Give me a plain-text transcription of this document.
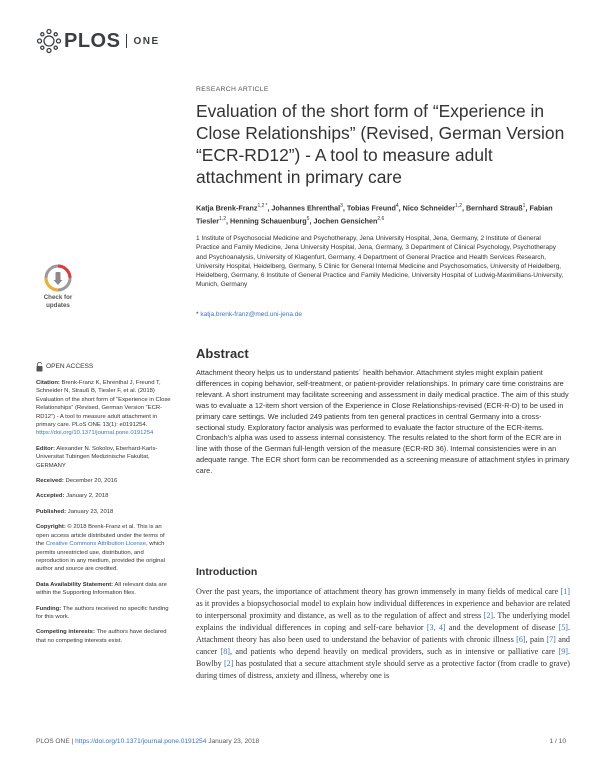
PLOS ONE
RESEARCH ARTICLE
Evaluation of the short form of “Experience in Close Relationships” (Revised, German Version “ECR-RD12”) - A tool to measure adult attachment in primary care
Katja Brenk-Franz$^{1,2 *}$, Johannes Ehrenthal$^3$, Tobias Freund$^4$, Nico Schneider$^{1,2}$, Bernhard Strauß$^1$, Fabian Tiesler$^{1,2}$, Henning Schauenburg$^5$, Jochen Gensichen$^{2,6}$
1 Institute of Psychosocial Medicine and Psychotherapy, Jena University Hospital, Jena, Germany, 2 Institute of General Practice and Family Medicine, Jena University Hospital, Jena, Germany, 3 Department of Clinical Psychology, Psychotherapy and Psychoanalysis, University of Klagenfurt, Germany, 4 Department of General Practice and Health Services Research, University Hospital, Heidelberg, Germany, 5 Clinic for General Internal Medicine and Psychosomatics, University of Heidelberg, Heidelberg, Germany, 6 Institute of General Practice and Family Medicine, University Hospital of Ludwig-Maximilians-University, Munich, Germany
* katja.brenk-franz@med.uni-jena.de
Check for
updates
OPEN ACCESS
Citation: Brenk-Franz K, Ehrenthal J, Freund T, Schneider N, Strauß B, Tiesler F, et al. (2018) Evaluation of the short form of “Experience in Close Relationships” (Revised, German Version “ECR-RD12”) - A tool to measure adult attachment in primary care. PLoS ONE 13(1): e0191254. https://doi.org/10.1371/journal.pone.0191254
Editor: Alexander N. Sokolov, Eberhard-Karls-Universitat Tubingen Medizinische Fakultat, GERMANY
Received: December 20, 2016
Accepted: January 2, 2018
Published: January 23, 2018
Copyright: © 2018 Brenk-Franz et al. This is an open access article distributed under the terms of the Creative Commons Attribution License, which permits unrestricted use, distribution, and reproduction in any medium, provided the original author and source are credited.
Data Availability Statement: All relevant data are within the Supporting Information files.
Funding: The authors received no specific funding for this work.
Competing interests: The authors have declared that no competing interests exist.
Abstract

Attachment theory helps us to understand patients´ health behavior. Attachment styles might explain patient differences in coping behavior, self-treatment, or patient-provider relationships. In primary care time constrains are relevant. A short instrument may facilitate screening and assessment in daily medical practice. The aim of this study was to evaluate a 12-item short version of the Experience in Close Relationships-revised (ECR-R-D) to be used in primary care settings. We included 249 patients from ten general practices in central Germany into a cross-sectional study. Exploratory factor analysis was performed to evaluate the factor structure of the ECR-items. Cronbach’s alpha was used to assess internal consistency. The results related to the short form of the ECR are in line with those of the German full-length version of the measure (ECR-RD 36). Internal consistencies were in an adequate range. The ECR short form can be recommended as a screening measure of attachment styles in primary care.

Introduction

Over the past years, the importance of attachment theory has grown immensely in many fields of medical care [1] as it provides a biopsychosocial model to explain how individual differences in experience and behavior are related to interpersonal proximity and distance, as well as to the regulation of affect and stress [2]. The underlying model explains the individual differences in coping and self-care behavior [3, 4] and the development of disease [5]. Attachment theory has also been used to understand the behavior of patients with chronic illness [6], pain [7] and cancer [8], and patients who depend heavily on medical providers, such as in intensive or palliative care [9]. Bowlby [2] has postulated that a secure attachment style should serve as a protective factor (from cradle to grave) during times of distress, anxiety and illness, whereby one is

PLOS ONE | https://doi.org/10.1371/journal.pone.0191254 January 23, 2018	1 / 10
